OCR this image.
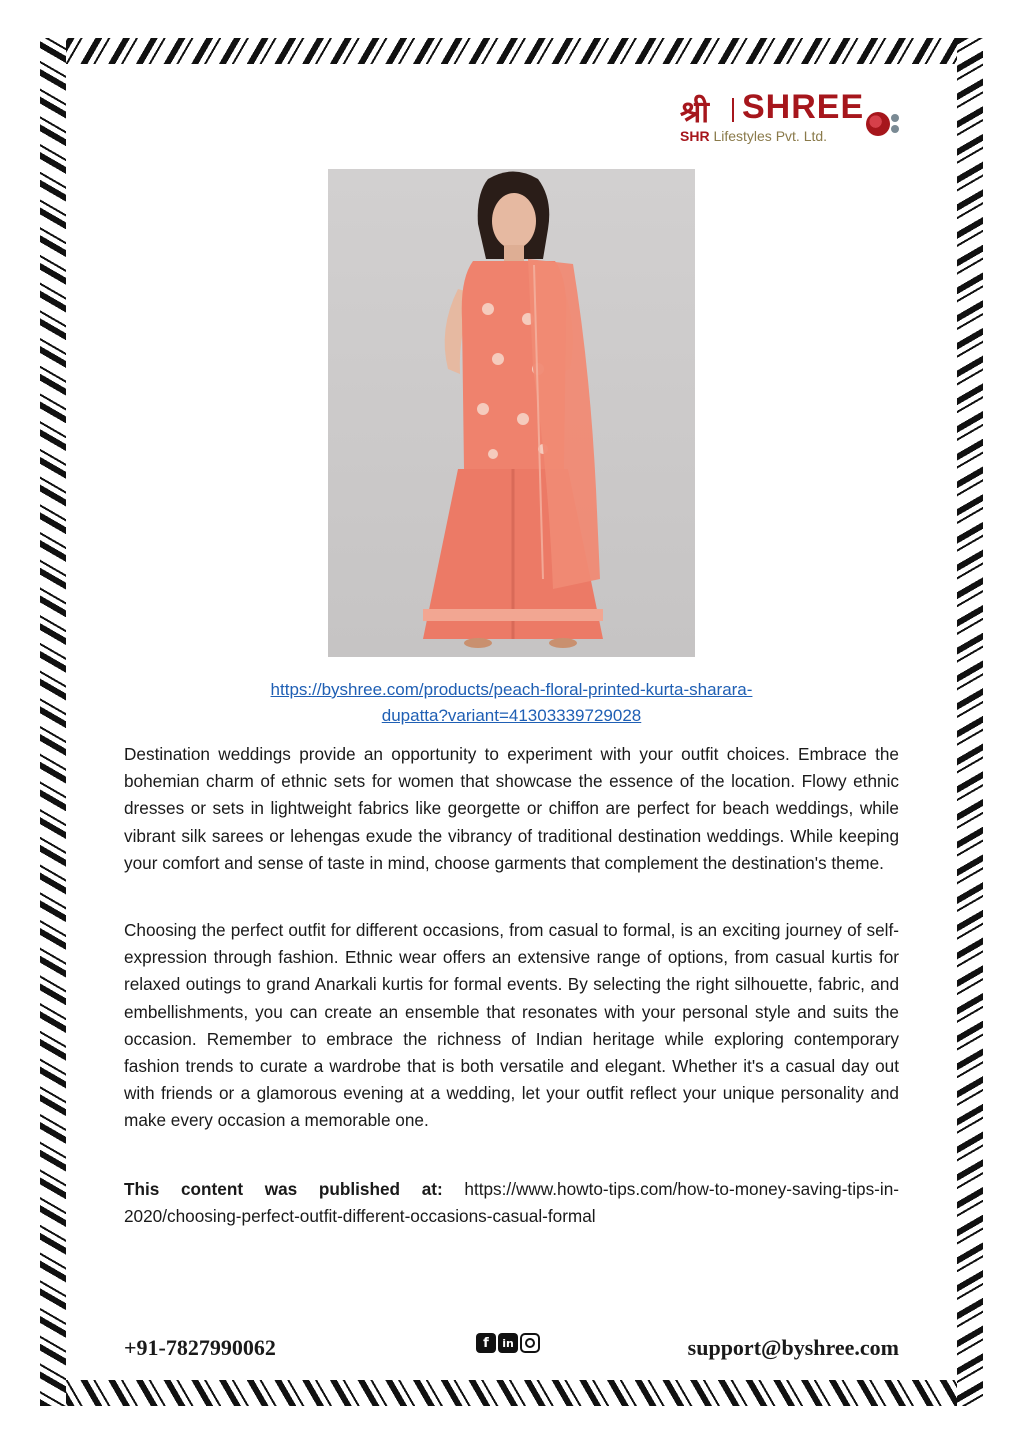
श्री SHREE
SHR Lifestyles Pvt. Ltd.
https://byshree.com/products/peach-floral-printed-kurta-sharara-
dupatta?variant=41303339729028

Destination weddings provide an opportunity to experiment with your outfit choices. Embrace the bohemian charm of ethnic sets for women that showcase the essence of the location. Flowy ethnic dresses or sets in lightweight fabrics like georgette or chiffon are perfect for beach weddings, while vibrant silk sarees or lehengas exude the vibrancy of traditional destination weddings. While keeping your comfort and sense of taste in mind, choose garments that complement the destination's theme.

Choosing the perfect outfit for different occasions, from casual to formal, is an exciting journey of self-expression through fashion. Ethnic wear offers an extensive range of options, from casual kurtis for relaxed outings to grand Anarkali kurtis for formal events. By selecting the right silhouette, fabric, and embellishments, you can create an ensemble that resonates with your personal style and suits the occasion. Remember to embrace the richness of Indian heritage while exploring contemporary fashion trends to curate a wardrobe that is both versatile and elegant. Whether it's a casual day out with friends or a glamorous evening at a wedding, let your outfit reflect your unique personality and make every occasion a memorable one.

This content was published at: https://www.howto-tips.com/how-to-money-saving-tips-in-2020/choosing-perfect-outfit-different-occasions-casual-formal

+91-7827990062	f	in	support@byshree.com
